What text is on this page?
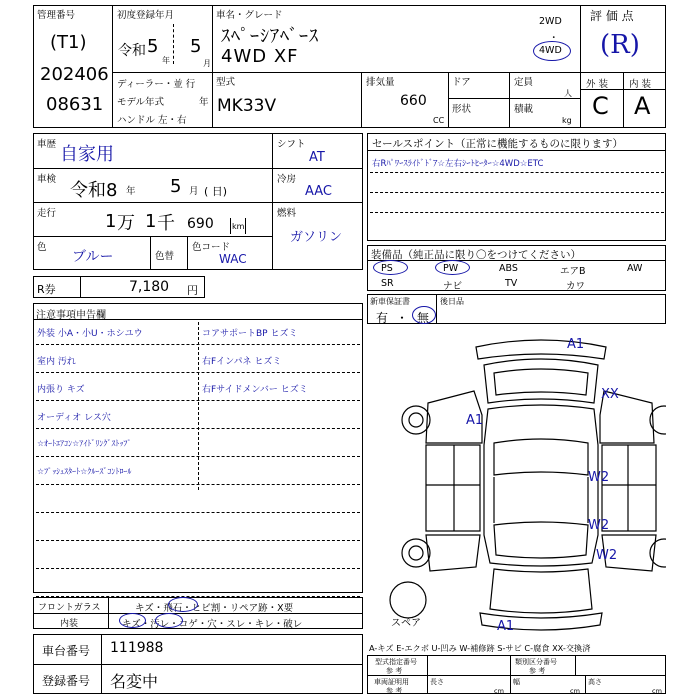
管理番号
(T1)
202406
08631
初度登録年月
令和 5
年
5
月
車名・グレード
ｽﾍﾟｰｼｱﾍﾞｰｽ
4WD XF
2WD
・
4WD
評 価 点
(R)
外 装 内 装
C A
ディーラー・並 行
モデル年式	年
ハンドル 左・右
型式
MK33V
排気量
660
CC
ドア
形状
定員
人
積載
kg
車歴 自家用
車検
令和8 年 5 月 ( 日)
走行	1 万 1 千 690 km
色
ブルー	色替
色コード
WAC
シフト
AT
冷房
AAC
燃料
ガソリン
R券	7,180 円
セールスポイント（正常に機能するものに限ります）
右Rﾊﾟﾜｰｽﾗｲﾄﾞﾄﾞｱ☆左右ｼｰﾄﾋｰﾀｰ☆4WD☆ETC
装備品（純正品に限り〇をつけてください）
PS	PW	ABS	エアB	AW
SR	ナビ	TV	カワ
新車保証書
有 ・ 無
後日品
注意事項申告欄
外装 小A・小U・ホシユウ	コアサポートBP ヒズミ
室内 汚れ	右Fインパネ ヒズミ
内張り キズ	右Fサイドメンバー ヒズミ
オーディオ レス穴
☆ｵｰﾄｴｱｺﾝ☆ｱｲﾄﾞﾘﾝｸﾞｽﾄｯﾌﾟ
☆ﾌﾟｯｼｭｽﾀｰﾄ☆ｸﾙｰｽﾞｺﾝﾄﾛｰﾙ
フロントガラス	キズ・飛石・ヒビ割・リペア跡・X要
内装	キズ・汚レ・コゲ・穴・スレ・キレ・破レ
車台番号 111988
登録番号 名変中
A-キズ E-エクボ U-凹み W-補修跡 S-サビ C-腐食 XX-交換済
型式指定番号
参 考
類別区分番号
参 考
車両証明用
参 考
長さ
cm
幅
cm
高さ
cm
A1
XX
A1
W2
W2
W2
A1
スペア
